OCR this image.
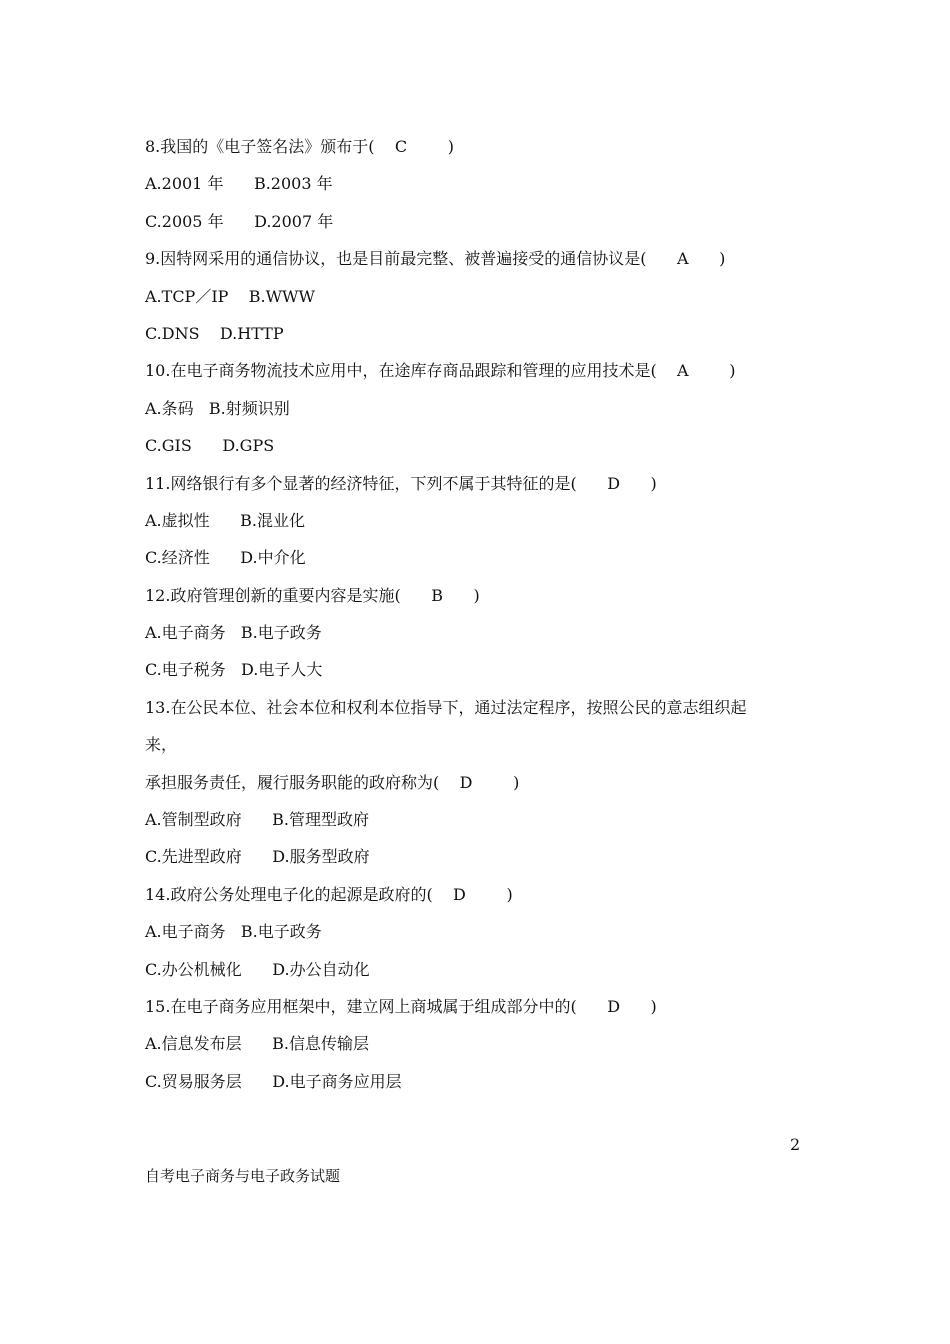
8.我国的《电子签名法》颁布于(    C        )
A.2001 年      B.2003 年
C.2005 年      D.2007 年
9.因特网采用的通信协议，也是目前最完整、被普遍接受的通信协议是(      A      )
A.TCP／IP    B.WWW
C.DNS    D.HTTP
10.在电子商务物流技术应用中，在途库存商品跟踪和管理的应用技术是(    A        )
A.条码   B.射频识别
C.GIS      D.GPS
11.网络银行有多个显著的经济特征，下列不属于其特征的是(      D      )
A.虚拟性      B.混业化
C.经济性      D.中介化
12.政府管理创新的重要内容是实施(      B      )
A.电子商务   B.电子政务
C.电子税务   D.电子人大
13.在公民本位、社会本位和权利本位指导下，通过法定程序，按照公民的意志组织起
来，
承担服务责任，履行服务职能的政府称为(    D        )
A.管制型政府      B.管理型政府
C.先进型政府      D.服务型政府
14.政府公务处理电子化的起源是政府的(    D        )
A.电子商务   B.电子政务
C.办公机械化      D.办公自动化
15.在电子商务应用框架中，建立网上商城属于组成部分中的(      D      )
A.信息发布层      B.信息传输层
C.贸易服务层      D.电子商务应用层
2
自考电子商务与电子政务试题
